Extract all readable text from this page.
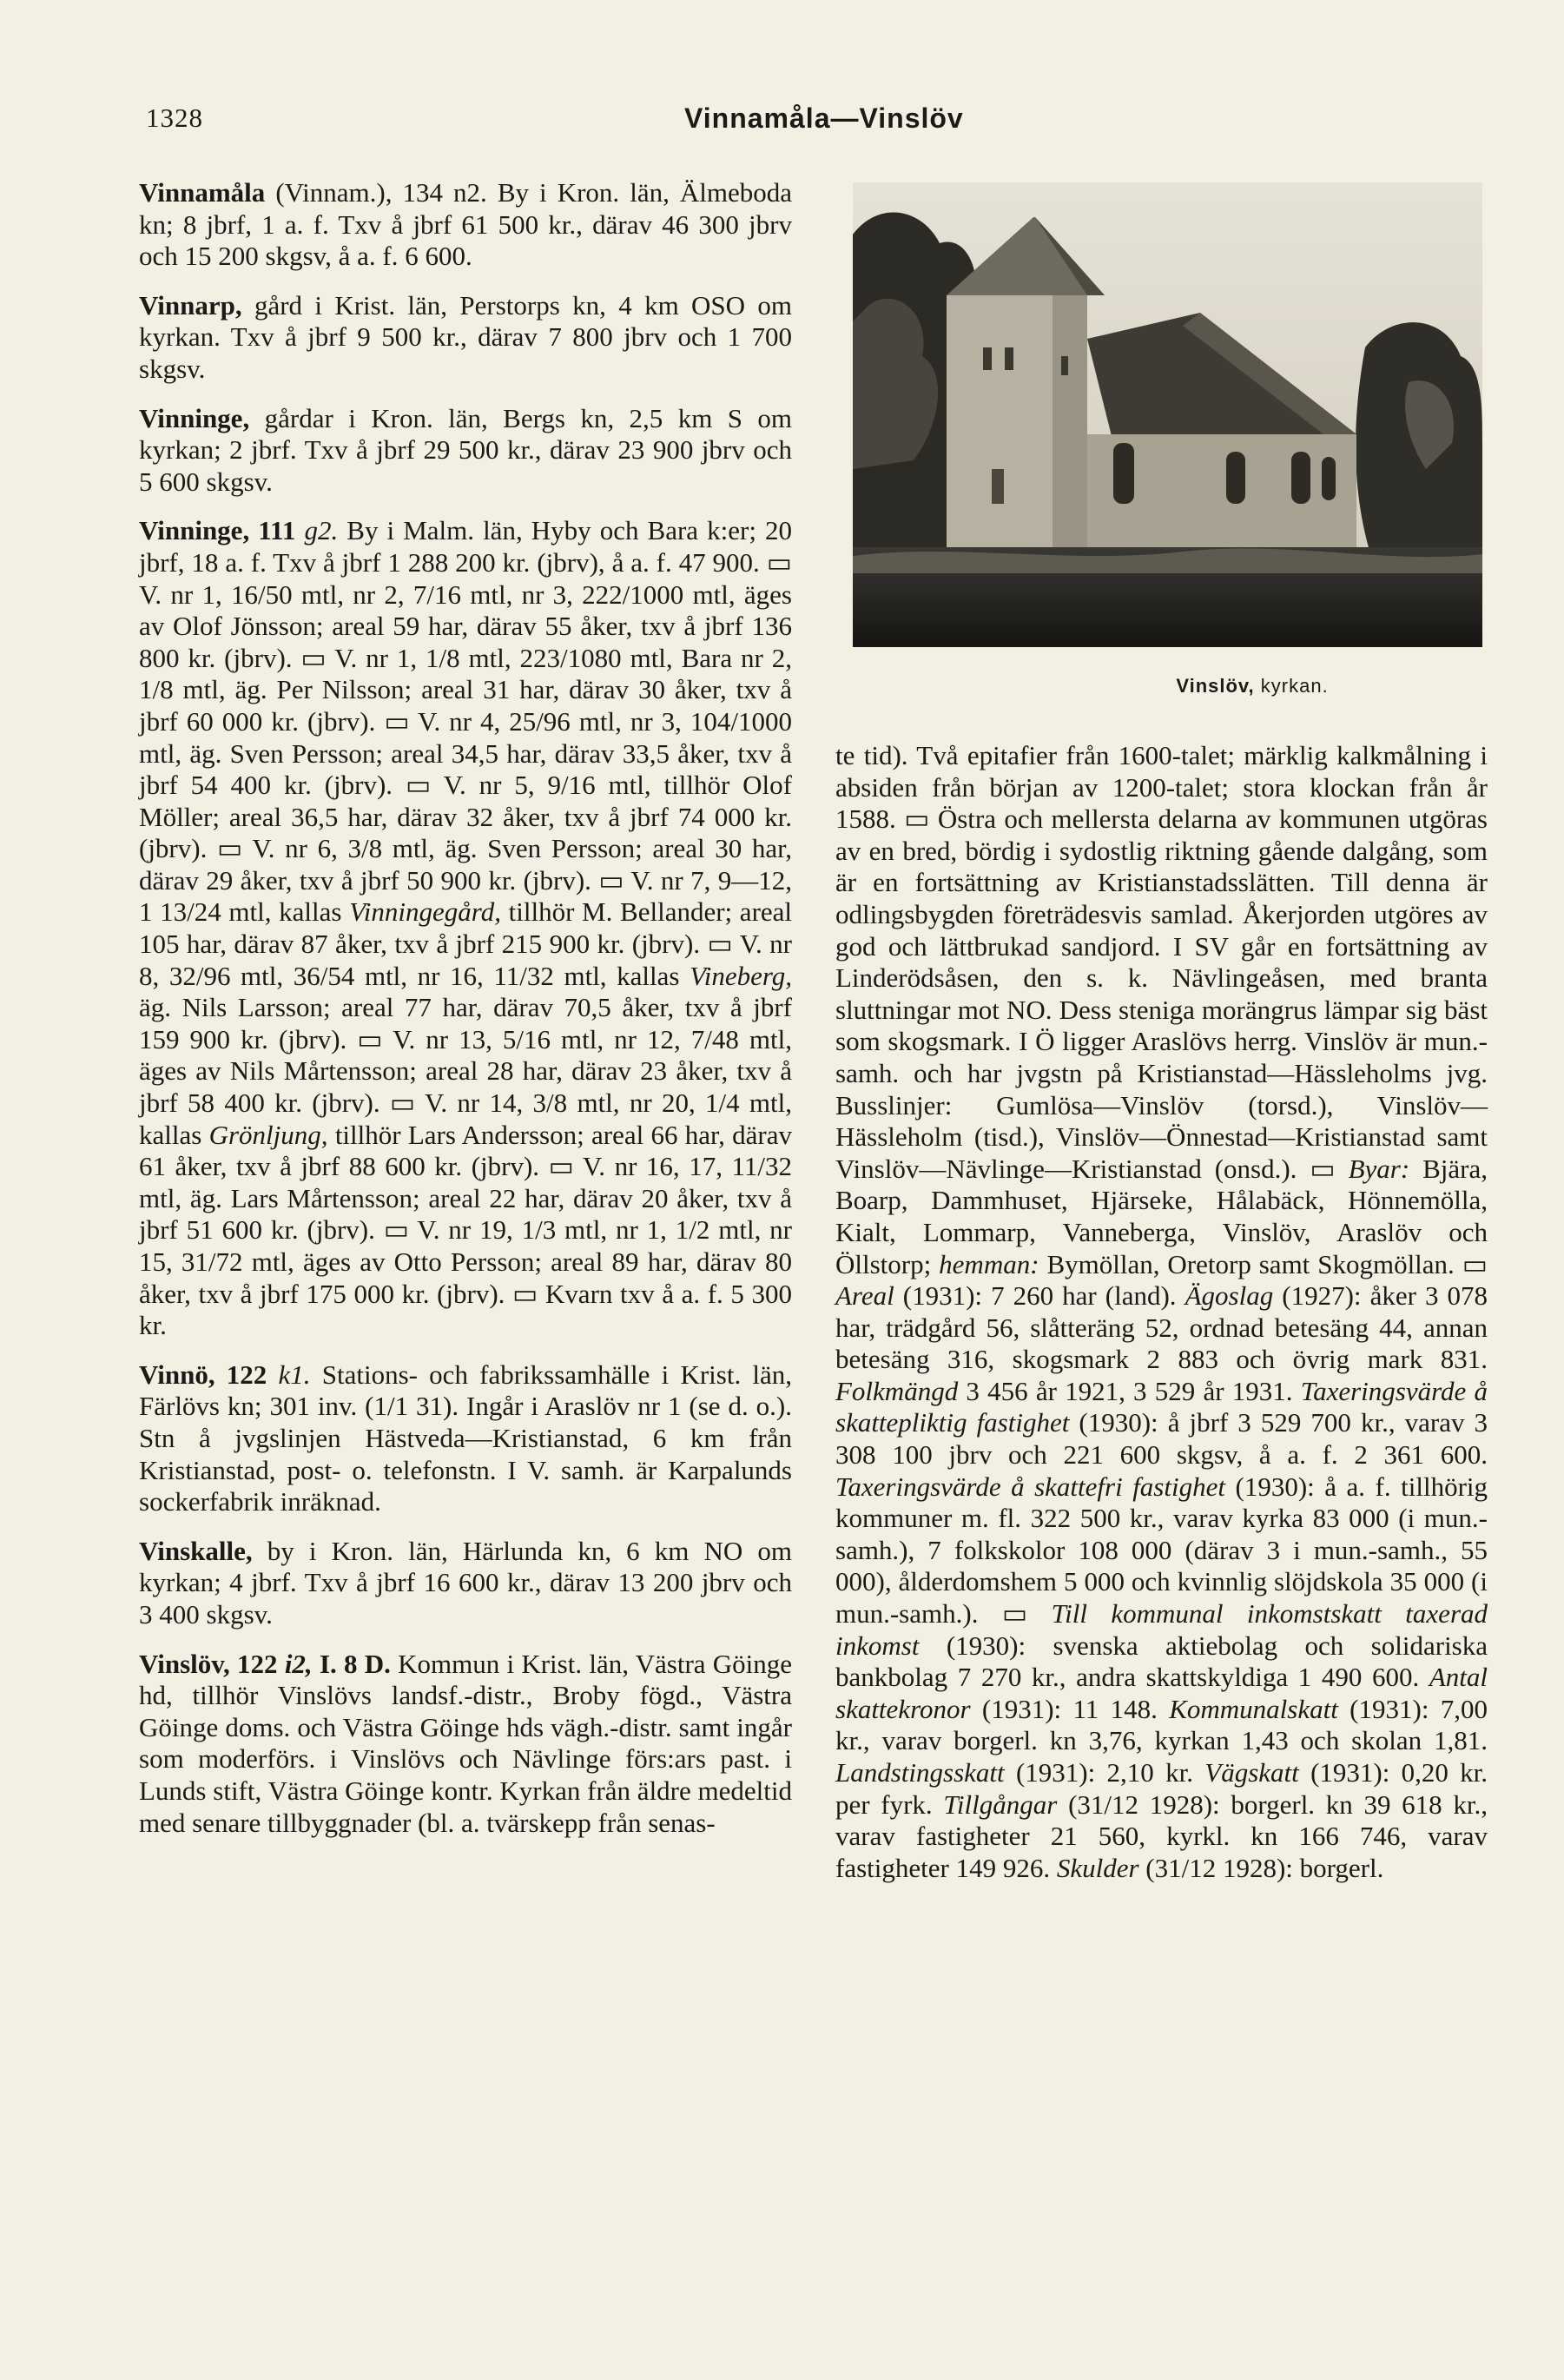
1328	Vinnamåla—Vinslöv

Vinnamåla (Vinnam.), 134 n2. By i Kron. län, Älmeboda kn; 8 jbrf, 1 a. f. Txv å jbrf 61 500 kr., därav 46 300 jbrv och 15 200 skgsv, å a. f. 6 600.

Vinnarp, gård i Krist. län, Perstorps kn, 4 km OSO om kyrkan. Txv å jbrf 9 500 kr., därav 7 800 jbrv och 1 700 skgsv.

Vinninge, gårdar i Kron. län, Bergs kn, 2,5 km S om kyrkan; 2 jbrf. Txv å jbrf 29 500 kr., därav 23 900 jbrv och 5 600 skgsv.

Vinninge, 111 g2. By i Malm. län, Hyby och Bara k:er; 20 jbrf, 18 a. f. Txv å jbrf 1 288 200 kr. (jbrv), å a. f. 47 900. ▭ V. nr 1, 16/50 mtl, nr 2, 7/16 mtl, nr 3, 222/1000 mtl, äges av Olof Jönsson; areal 59 har, därav 55 åker, txv å jbrf 136 800 kr. (jbrv). ▭ V. nr 1, 1/8 mtl, 223/1080 mtl, Bara nr 2, 1/8 mtl, äg. Per Nilsson; areal 31 har, därav 30 åker, txv å jbrf 60 000 kr. (jbrv). ▭ V. nr 4, 25/96 mtl, nr 3, 104/1000 mtl, äg. Sven Persson; areal 34,5 har, därav 33,5 åker, txv å jbrf 54 400 kr. (jbrv). ▭ V. nr 5, 9/16 mtl, tillhör Olof Möller; areal 36,5 har, därav 32 åker, txv å jbrf 74 000 kr. (jbrv). ▭ V. nr 6, 3/8 mtl, äg. Sven Persson; areal 30 har, därav 29 åker, txv å jbrf 50 900 kr. (jbrv). ▭ V. nr 7, 9—12, 1 13/24 mtl, kallas Vinningegård, tillhör M. Bellander; areal 105 har, därav 87 åker, txv å jbrf 215 900 kr. (jbrv). ▭ V. nr 8, 32/96 mtl, 36/54 mtl, nr 16, 11/32 mtl, kallas Vineberg, äg. Nils Larsson; areal 77 har, därav 70,5 åker, txv å jbrf 159 900 kr. (jbrv). ▭ V. nr 13, 5/16 mtl, nr 12, 7/48 mtl, äges av Nils Mårtensson; areal 28 har, därav 23 åker, txv å jbrf 58 400 kr. (jbrv). ▭ V. nr 14, 3/8 mtl, nr 20, 1/4 mtl, kallas Grönljung, tillhör Lars Andersson; areal 66 har, därav 61 åker, txv å jbrf 88 600 kr. (jbrv). ▭ V. nr 16, 17, 11/32 mtl, äg. Lars Mårtensson; areal 22 har, därav 20 åker, txv å jbrf 51 600 kr. (jbrv). ▭ V. nr 19, 1/3 mtl, nr 1, 1/2 mtl, nr 15, 31/72 mtl, äges av Otto Persson; areal 89 har, därav 80 åker, txv å jbrf 175 000 kr. (jbrv). ▭ Kvarn txv å a. f. 5 300 kr.

Vinnö, 122 k1. Stations- och fabrikssamhälle i Krist. län, Färlövs kn; 301 inv. (1/1 31). Ingår i Araslöv nr 1 (se d. o.). Stn å jvgslinjen Hästveda—Kristianstad, 6 km från Kristianstad, post- o. telefonstn. I V. samh. är Karpalunds sockerfabrik inräknad.

Vinskalle, by i Kron. län, Härlunda kn, 6 km NO om kyrkan; 4 jbrf. Txv å jbrf 16 600 kr., därav 13 200 jbrv och 3 400 skgsv.

Vinslöv, 122 i2, I. 8 D. Kommun i Krist. län, Västra Göinge hd, tillhör Vinslövs landsf.-distr., Broby fögd., Västra Göinge doms. och Västra Göinge hds vägh.-distr. samt ingår som moderförs. i Vinslövs och Nävlinge förs:ars past. i Lunds stift, Västra Göinge kontr. Kyrkan från äldre medeltid med senare tillbyggnader (bl. a. tvärskepp från senas-

Vinslöv, kyrkan.

te tid). Två epitafier från 1600-talet; märklig kalkmålning i absiden från början av 1200-talet; stora klockan från år 1588. ▭ Östra och mellersta delarna av kommunen utgöras av en bred, bördig i sydostlig riktning gående dalgång, som är en fortsättning av Kristianstadsslätten. Till denna är odlingsbygden företrädesvis samlad. Åkerjorden utgöres av god och lättbrukad sandjord. I SV går en fortsättning av Linderödsåsen, den s. k. Nävlingeåsen, med branta sluttningar mot NO. Dess steniga morängrus lämpar sig bäst som skogsmark. I Ö ligger Araslövs herrg. Vinslöv är mun.-samh. och har jvgstn på Kristianstad—Hässleholms jvg. Busslinjer: Gumlösa—Vinslöv (torsd.), Vinslöv—Hässleholm (tisd.), Vinslöv—Önnestad—Kristianstad samt Vinslöv—Nävlinge—Kristianstad (onsd.). ▭ Byar: Bjära, Boarp, Dammhuset, Hjärseke, Hålabäck, Hönnemölla, Kialt, Lommarp, Vanneberga, Vinslöv, Araslöv och Öllstorp; hemman: Bymöllan, Oretorp samt Skogmöllan. ▭ Areal (1931): 7 260 har (land). Ägoslag (1927): åker 3 078 har, trädgård 56, slåtteräng 52, ordnad betesäng 44, annan betesäng 316, skogsmark 2 883 och övrig mark 831. Folkmängd 3 456 år 1921, 3 529 år 1931. Taxeringsvärde å skattepliktig fastighet (1930): å jbrf 3 529 700 kr., varav 3 308 100 jbrv och 221 600 skgsv, å a. f. 2 361 600. Taxeringsvärde å skattefri fastighet (1930): å a. f. tillhörig kommuner m. fl. 322 500 kr., varav kyrka 83 000 (i mun.-samh.), 7 folkskolor 108 000 (därav 3 i mun.-samh., 55 000), ålderdomshem 5 000 och kvinnlig slöjdskola 35 000 (i mun.-samh.). ▭ Till kommunal inkomstskatt taxerad inkomst (1930): svenska aktiebolag och solidariska bankbolag 7 270 kr., andra skattskyldiga 1 490 600. Antal skattekronor (1931): 11 148. Kommunalskatt (1931): 7,00 kr., varav borgerl. kn 3,76, kyrkan 1,43 och skolan 1,81. Landstingsskatt (1931): 2,10 kr. Vägskatt (1931): 0,20 kr. per fyrk. Tillgångar (31/12 1928): borgerl. kn 39 618 kr., varav fastigheter 21 560, kyrkl. kn 166 746, varav fastigheter 149 926. Skulder (31/12 1928): borgerl.
